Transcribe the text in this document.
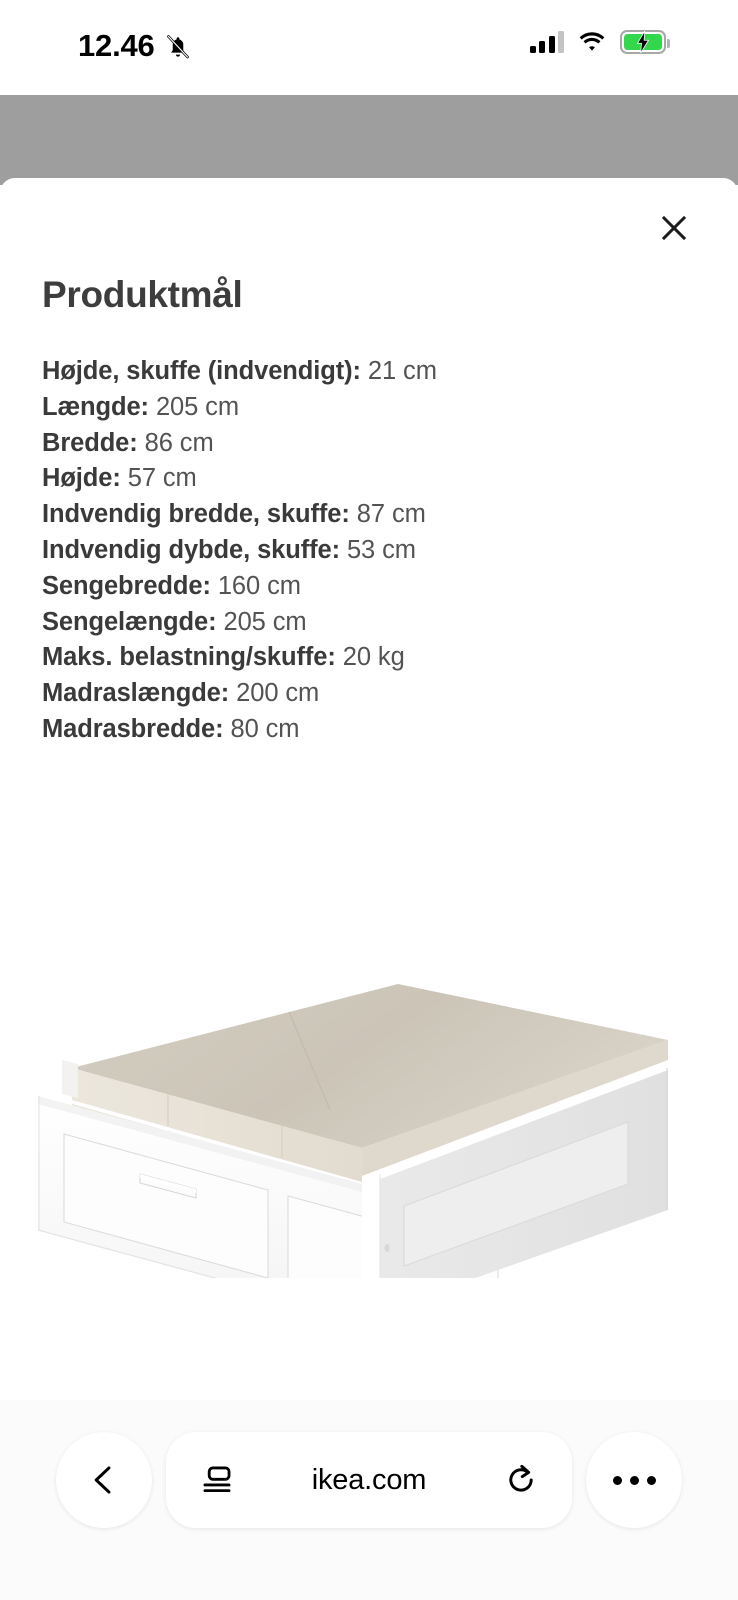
12.46
Produktmål
Højde, skuffe (indvendigt): 21 cm
Længde: 205 cm
Bredde: 86 cm
Højde: 57 cm
Indvendig bredde, skuffe: 87 cm
Indvendig dybde, skuffe: 53 cm
Sengebredde: 160 cm
Sengelængde: 205 cm
Maks. belastning/skuffe: 20 kg
Madraslængde: 200 cm
Madrasbredde: 80 cm
ikea.com
